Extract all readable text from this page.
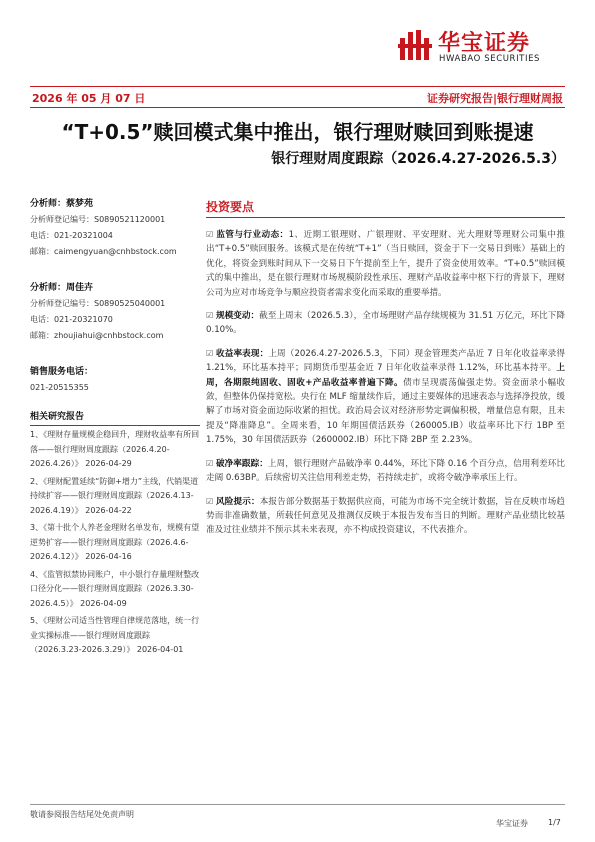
华宝证券
HWABAO SECURITIES
2026 年 05 月 07 日	证券研究报告|银行理财周报
“T+0.5”赎回模式集中推出，银行理财赎回到账提速
银行理财周度跟踪（2026.4.27-2026.5.3）
分析师：蔡梦苑
分析师登记编号：S0890521120001
电话：021-20321004
邮箱：caimengyuan@cnhbstock.com
分析师：周佳卉
分析师登记编号：S0890525040001
电话：021-20321070
邮箱：zhoujiahui@cnhbstock.com
销售服务电话：
021-20515355
相关研究报告
1、《理财存量规模企稳回升，理财收益率有所回落——银行理财周度跟踪（2026.4.20-2026.4.26）》 2026-04-29
2、《理财配置延续“防御+增力”主线，代销渠道持续扩容——银行理财周度跟踪（2026.4.13-2026.4.19）》 2026-04-22
3、《第十批个人养老金理财名单发布，规模有望逆势扩容——银行理财周度跟踪（2026.4.6-2026.4.12）》 2026-04-16
4、《监管拟禁协同账户，中小银行存量理财整改口径分化——银行理财周度跟踪（2026.3.30-2026.4.5）》 2026-04-09
5、《理财公司适当性管理自律规范落地，统一行业实操标准——银行理财周度跟踪（2026.3.23-2026.3.29）》 2026-04-01
投资要点

☑ 监管与行业动态：1、近期工银理财、广银理财、平安理财、光大理财等理财公司集中推出“T+0.5”赎回服务。该模式是在传统“T+1”（当日赎回，资金于下一交易日到账）基础上的优化，将资金到账时间从下一交易日下午提前至上午，提升了资金使用效率。“T+0.5”赎回模式的集中推出，是在银行理财市场规模阶段性承压、理财产品收益率中枢下行的背景下，理财公司为应对市场竞争与顺应投资者需求变化而采取的重要举措。

☑ 规模变动：截至上周末（2026.5.3），全市场理财产品存续规模为 31.51 万亿元，环比下降 0.10%。

☑ 收益率表现：上周（2026.4.27-2026.5.3，下同）现金管理类产品近 7 日年化收益率录得 1.21%，环比基本持平；同期货币型基金近 7 日年化收益率录得 1.12%，环比基本持平。上周，各期限纯固收、固收+产品收益率普遍下降。债市呈现震荡偏强走势。资金面录小幅收敛，但整体仍保持宽松。央行在 MLF 缩量续作后，通过主要媒体的迅速表态与选择净投放，缓解了市场对资金面边际收紧的担忧。政治局会议对经济形势定调偏积极，增量信息有限，且未提及“降准降息”。全周来看，10 年期国债活跃券（260005.IB）收益率环比下行 1BP 至 1.75%，30 年国债活跃券（2600002.IB）环比下降 2BP 至 2.23%。

☑ 破净率跟踪：上周，银行理财产品破净率 0.44%，环比下降 0.16 个百分点，信用利差环比走阔 0.63BP。后续密切关注信用利差走势，若持续走扩，或将令破净率承压上行。

☑ 风险提示：本报告部分数据基于数据供应商，可能为市场不完全统计数据，旨在反映市场趋势而非准确数量，所载任何意见及推测仅反映于本报告发布当日的判断。理财产品业绩比较基准及过往业绩并不预示其未来表现，亦不构成投资建议，不代表推介。

敬请参阅报告结尾处免责声明
华宝证券	1/7
